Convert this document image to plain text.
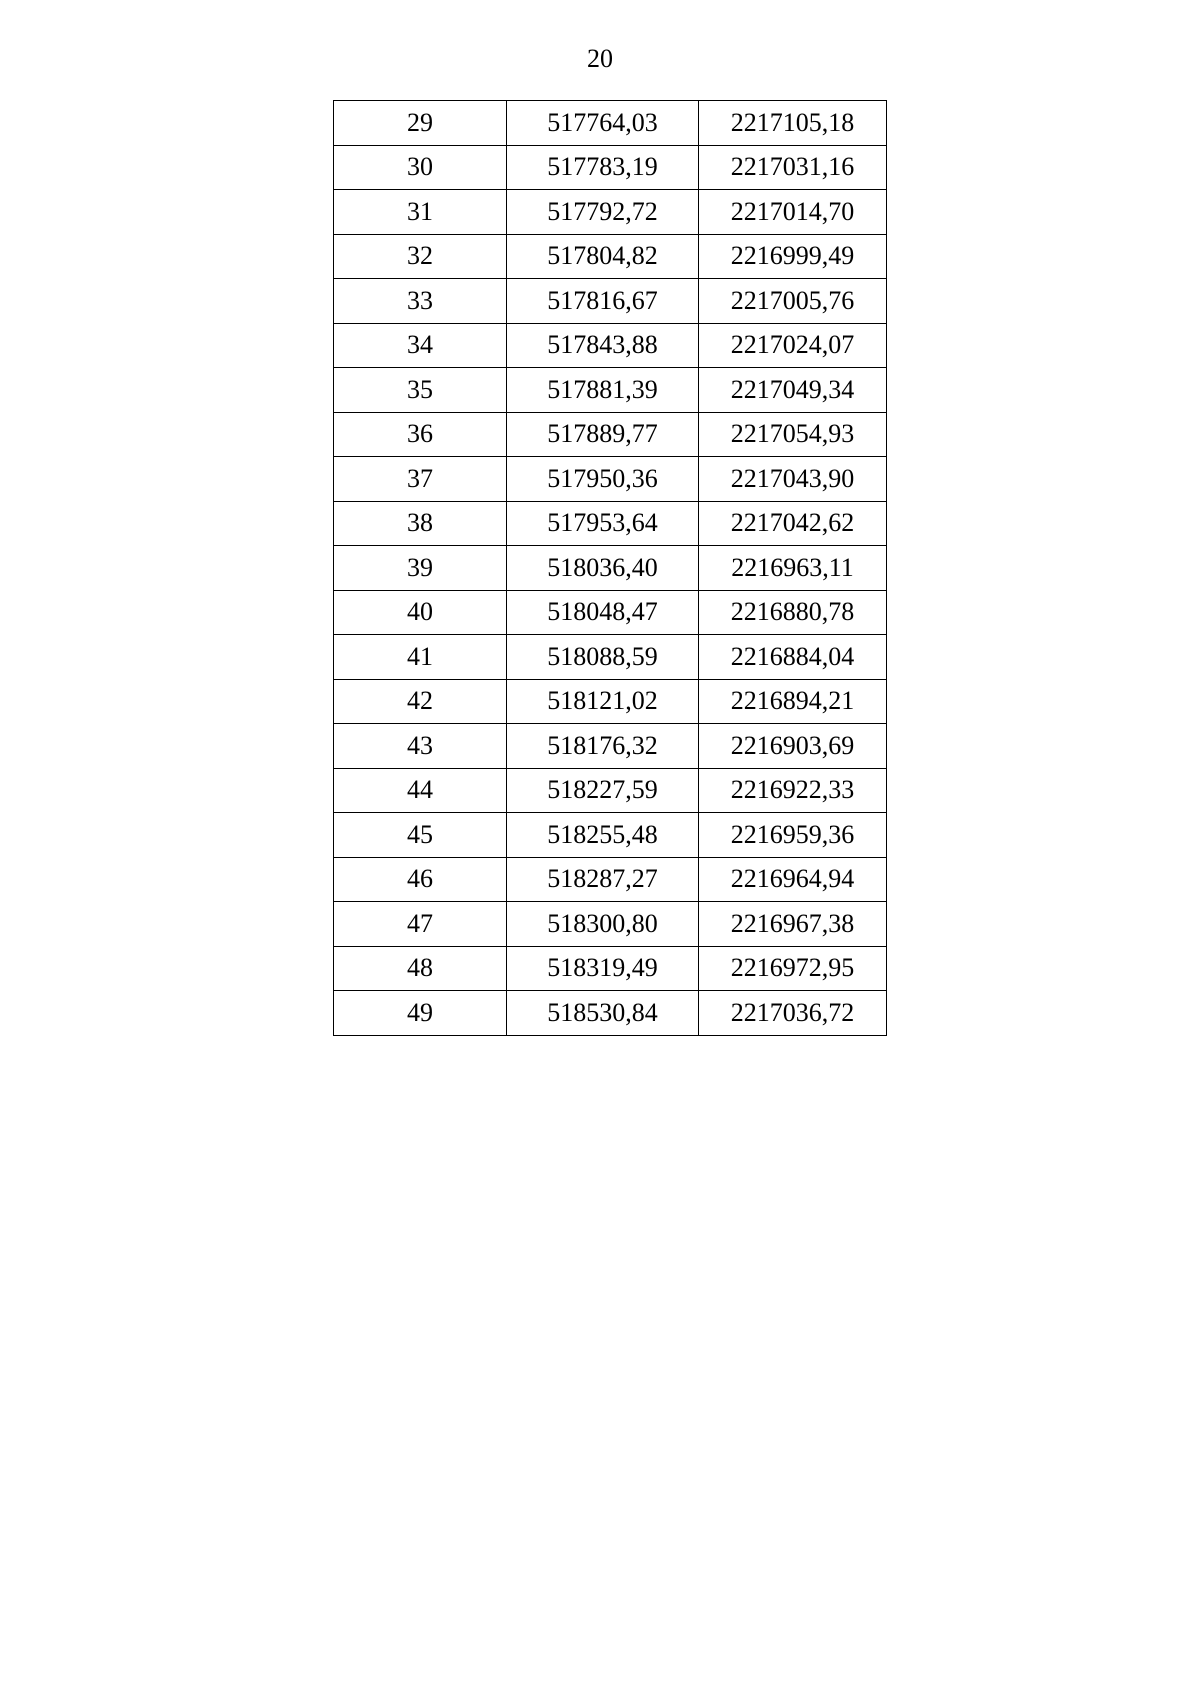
20
29	517764,03	2217105,18
30	517783,19	2217031,16
31	517792,72	2217014,70
32	517804,82	2216999,49
33	517816,67	2217005,76
34	517843,88	2217024,07
35	517881,39	2217049,34
36	517889,77	2217054,93
37	517950,36	2217043,90
38	517953,64	2217042,62
39	518036,40	2216963,11
40	518048,47	2216880,78
41	518088,59	2216884,04
42	518121,02	2216894,21
43	518176,32	2216903,69
44	518227,59	2216922,33
45	518255,48	2216959,36
46	518287,27	2216964,94
47	518300,80	2216967,38
48	518319,49	2216972,95
49	518530,84	2217036,72
